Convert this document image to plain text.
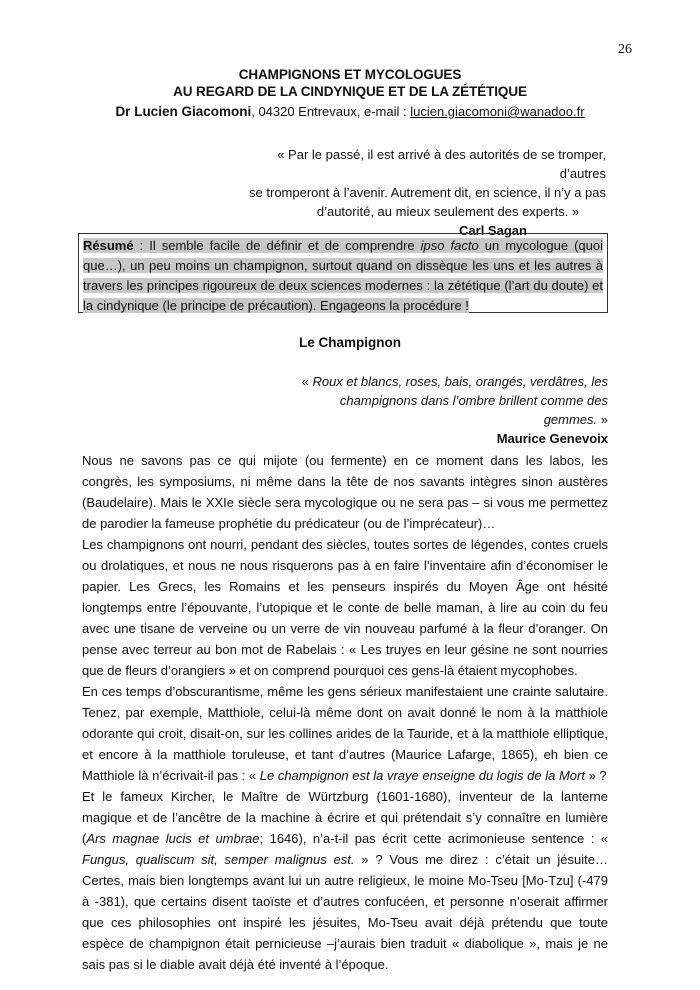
26
CHAMPIGNONS ET MYCOLOGUES
AU REGARD DE LA CINDYNIQUE ET DE LA ZÉTÉTIQUE
Dr Lucien Giacomoni, 04320 Entrevaux, e-mail : lucien.giacomoni@wanadoo.fr
« Par le passé, il est arrivé à des autorités de se tromper, d’autres
se tromperont à l’avenir. Autrement dit, en science, il n’y a pas
d’autorité, au mieux seulement des experts. »
Carl Sagan
Résumé : Il semble facile de définir et de comprendre ipso facto un mycologue (quoi que…), un peu moins un champignon, surtout quand on dissèque les uns et les autres à travers les principes rigoureux de deux sciences modernes : la zététique (l’art du doute) et la cindynique (le principe de précaution). Engageons la procédure !
Le Champignon
« Roux et blancs, roses, bais, orangés, verdâtres, les
champignons dans l’ombre brillent comme des gemmes. »
Maurice Genevoix

Nous ne savons pas ce qui mijote (ou fermente) en ce moment dans les labos, les congrès, les symposiums, ni même dans la tête de nos savants intègres sinon austères (Baudelaire). Mais le XXIe siècle sera mycologique ou ne sera pas – si vous me permettez de parodier la fameuse prophétie du prédicateur (ou de l’imprécateur)…

Les champignons ont nourri, pendant des siècles, toutes sortes de légendes, contes cruels ou drolatiques, et nous ne nous risquerons pas à en faire l’inventaire afin d’économiser le papier. Les Grecs, les Romains et les penseurs inspirés du Moyen Âge ont hésité longtemps entre l’épouvante, l’utopique et le conte de belle maman, à lire au coin du feu avec une tisane de verveine ou un verre de vin nouveau parfumé à la fleur d’oranger. On pense avec terreur au bon mot de Rabelais : « Les truyes en leur gésine ne sont nourries que de fleurs d’orangiers » et on comprend pourquoi ces gens-là étaient mycophobes.

En ces temps d’obscurantisme, même les gens sérieux manifestaient une crainte salutaire. Tenez, par exemple, Matthiole, celui-là même dont on avait donné le nom à la matthiole odorante qui croit, disait-on, sur les collines arides de la Tauride, et à la matthiole elliptique, et encore à la matthiole toruleuse, et tant d’autres (Maurice Lafarge, 1865), eh bien ce Matthiole là n’écrivait-il pas : « Le champignon est la vraye enseigne du logis de la Mort » ?

Et le fameux Kircher, le Maître de Würtzburg (1601-1680), inventeur de la lanterne magique et de l’ancêtre de la machine à écrire et qui prétendait s’y connaître en lumière (Ars magnae lucis et umbrae; 1646), n’a-t-il pas écrit cette acrimonieuse sentence : « Fungus, qualiscum sit, semper malignus est. » ? Vous me direz : c’était un jésuite… Certes, mais bien longtemps avant lui un autre religieux, le moine Mo-Tseu [Mo-Tzu] (-479 à -381), que certains disent taoïste et d’autres confucéen, et personne n’oserait affirmer que ces philosophies ont inspiré les jésuites, Mo-Tseu avait déjà prétendu que toute espèce de champignon était pernicieuse –j’aurais bien traduit « diabolique », mais je ne sais pas si le diable avait déjà été inventé à l’époque.
